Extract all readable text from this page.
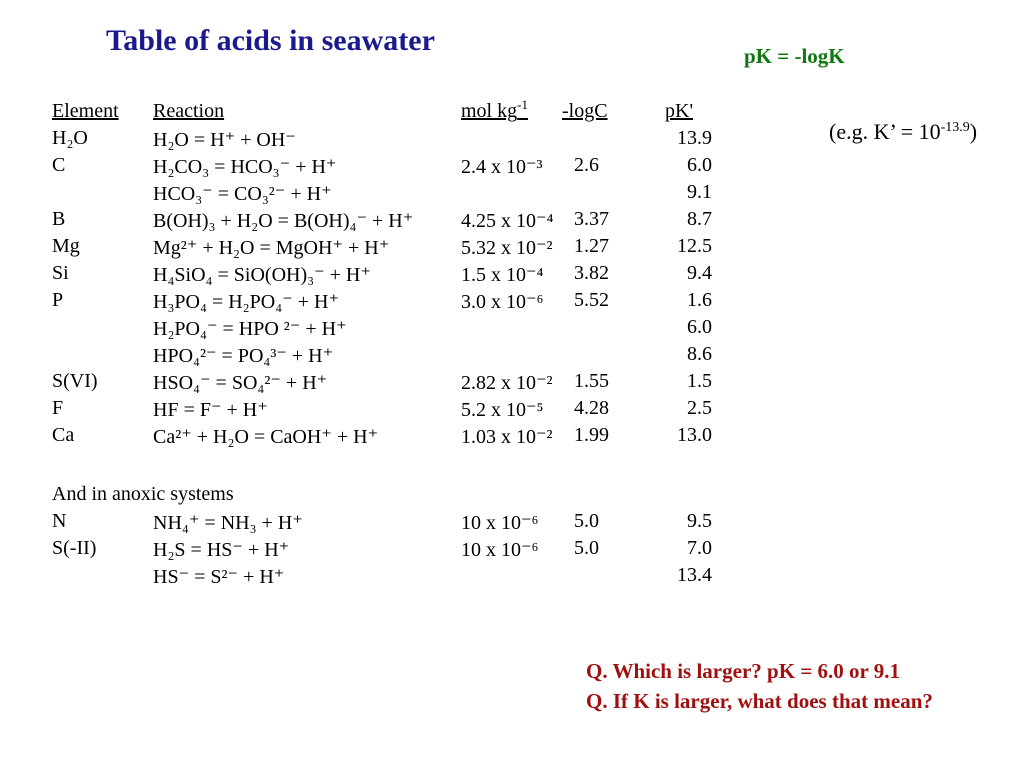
Table of acids in seawater	pK = -logK
(e.g. K’ = $10^{-13.9}$)
Element Reaction	mol $kg^{-1}$ -logC	pK'
H₂O	H₂O = H⁺ + OH⁻	13.9
C	H₂CO₃ = HCO₃⁻ + H⁺	2.4 x 10⁻³ 2.6	6.0
HCO₃⁻ = CO₃²⁻ + H⁺	9.1
B	B(OH)₃ + H₂O = B(OH)₄⁻ + H⁺ 4.25 x 10⁻⁴ 3.37	8.7
Mg	Mg²⁺ + H₂O = MgOH⁺ + H⁺	5.32 x 10⁻² 1.27	12.5
Si	H₄SiO₄ = SiO(OH)₃⁻ + H⁺	1.5 x 10⁻⁴ 3.82	9.4
P	H₃PO₄ = H₂PO₄⁻ + H⁺	3.0 x 10⁻⁶ 5.52	1.6
H₂PO₄⁻ = HPO ²⁻ + H⁺	6.0
HPO₄²⁻ = PO₄³⁻ + H⁺	8.6
S(VI)	HSO₄⁻ = SO₄²⁻ + H⁺	2.82 x 10⁻² 1.55	1.5
F	HF = F⁻ + H⁺	5.2 x 10⁻⁵ 4.28	2.5
Ca	Ca²⁺ + H₂O = CaOH⁺ + H⁺	1.03 x 10⁻² 1.99	13.0
And in anoxic systems
N	NH₄⁺ = NH₃ + H⁺	10 x 10⁻⁶ 5.0	9.5
S(-II)	H₂S = HS⁻ + H⁺	10 x 10⁻⁶ 5.0	7.0
HS⁻ = S²⁻ + H⁺	13.4
Q. Which is larger? pK = 6.0 or 9.1
Q. If K is larger, what does that mean?
